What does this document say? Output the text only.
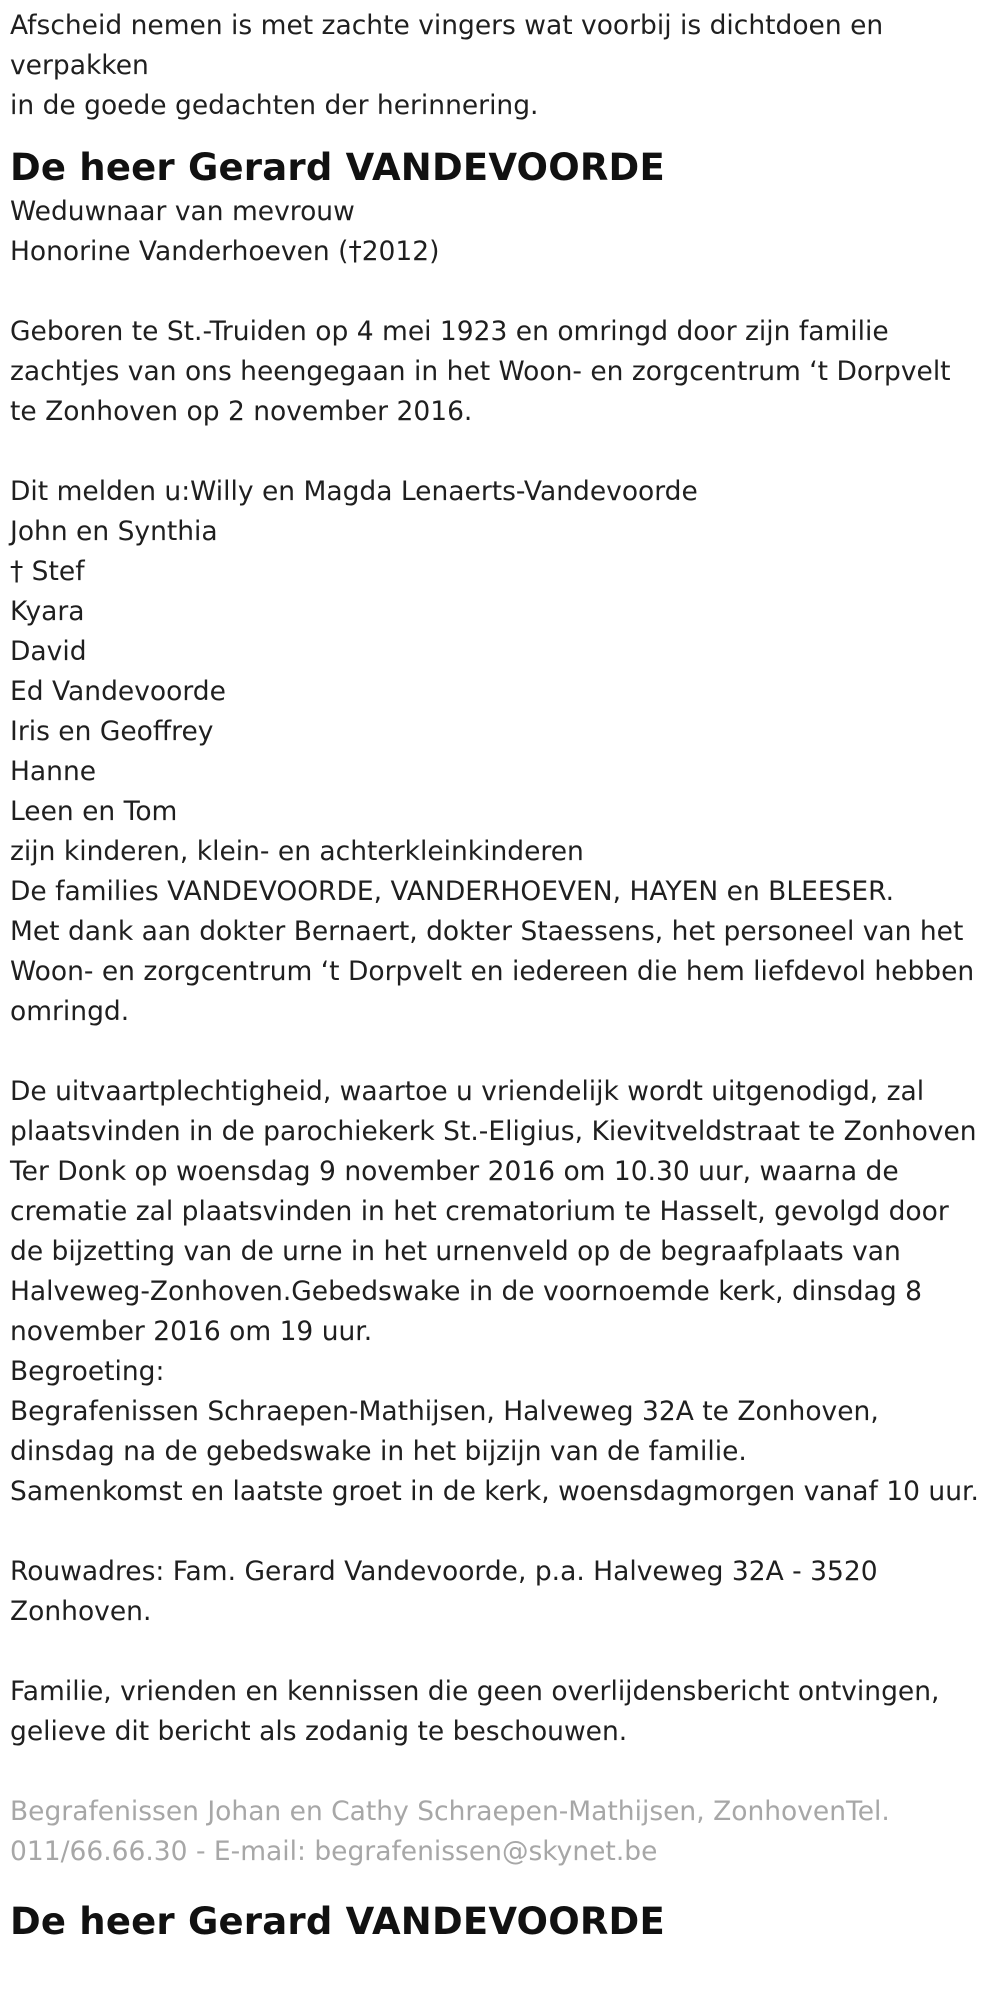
Afscheid nemen is met zachte vingers wat voorbij is dichtdoen en

verpakken

in de goede gedachten der herinnering.

De heer Gerard VANDEVOORDE

Weduwnaar van mevrouw

Honorine Vanderhoeven (†2012)

Geboren te St.-Truiden op 4 mei 1923 en omringd door zijn familie

zachtjes van ons heengegaan in het Woon- en zorgcentrum ‘t Dorpvelt

te Zonhoven op 2 november 2016.

Dit melden u:Willy en Magda Lenaerts-Vandevoorde

John en Synthia

† Stef

Kyara

David

Ed Vandevoorde

Iris en Geoffrey

Hanne

Leen en Tom

zijn kinderen, klein- en achterkleinkinderen

De families VANDEVOORDE, VANDERHOEVEN, HAYEN en BLEESER.

Met dank aan dokter Bernaert, dokter Staessens, het personeel van het

Woon- en zorgcentrum ‘t Dorpvelt en iedereen die hem liefdevol hebben

omringd.

De uitvaartplechtigheid, waartoe u vriendelijk wordt uitgenodigd, zal

plaatsvinden in de parochiekerk St.-Eligius, Kievitveldstraat te Zonhoven

Ter Donk op woensdag 9 november 2016 om 10.30 uur, waarna de

crematie zal plaatsvinden in het crematorium te Hasselt, gevolgd door

de bijzetting van de urne in het urnenveld op de begraafplaats van

Halveweg-Zonhoven.Gebedswake in de voornoemde kerk, dinsdag 8

november 2016 om 19 uur.

Begroeting:

Begrafenissen Schraepen-Mathijsen, Halveweg 32A te Zonhoven,

dinsdag na de gebedswake in het bijzijn van de familie.

Samenkomst en laatste groet in de kerk, woensdagmorgen vanaf 10 uur.

Rouwadres: Fam. Gerard Vandevoorde, p.a. Halveweg 32A - 3520

Zonhoven.

Familie, vrienden en kennissen die geen overlijdensbericht ontvingen,

gelieve dit bericht als zodanig te beschouwen.

Begrafenissen Johan en Cathy Schraepen-Mathijsen, ZonhovenTel.

011/66.66.30 - E-mail: begrafenissen@skynet.be

De heer Gerard VANDEVOORDE
